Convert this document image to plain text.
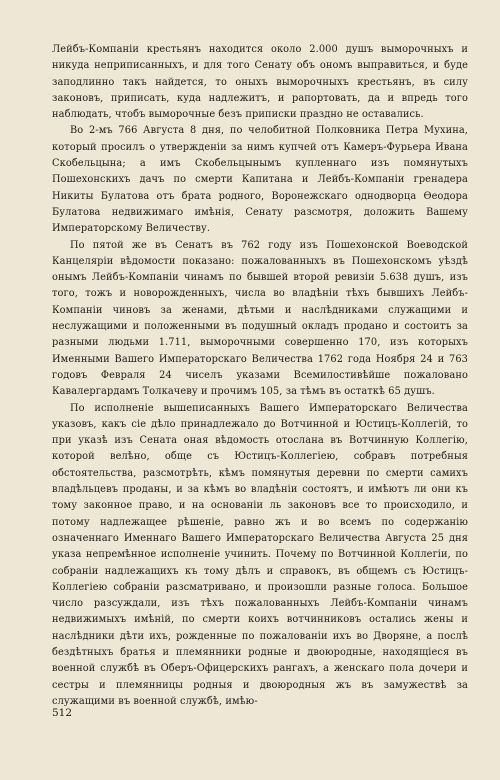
Лейбъ-Компаніи крестьянъ находится около 2.000 душъ выморочныхъ и никуда неприписанныхъ, и для того Сенату объ ономъ выправиться, и буде заподлинно такъ найдется, то оныхъ выморочныхъ крестьянъ, въ силу законовъ, приписать, куда надлежитъ, и рапортовать, да и впредь того наблюдать, чтобъ выморочные безъ приписки праздно не оставались.

Во 2-мъ 766 Августа 8 дня, по челобитной Полковника Петра Мухина, который просилъ о утвержденіи за нимъ купчей отъ Камеръ-Фурьера Ивана Скобельцына; а имъ Скобельцынымъ купленнаго изъ помянутыхъ Пошехонскихъ дачъ по смерти Капитана и Лейбъ-Компаніи гренадера Никиты Булатова отъ брата родного, Воронежскаго однодворца Ѳеодора Булатова недвижимаго имѣнія, Сенату разсмотря, доложить Вашему Императорскому Величеству.

По пятой же въ Сенатъ въ 762 году изъ Пошехонской Воеводской Канцеляріи вѣдомости показано: пожалованныхъ въ Пошехонскомъ уѣздѣ онымъ Лейбъ-Компаніи чинамъ по бывшей второй ревизіи 5.638 душъ, изъ того, тожъ и новорожденныхъ, числа во владѣніи тѣхъ бывшихъ Лейбъ-Компаніи чиновъ за женами, дѣтьми и наслѣдниками служащими и неслужащими и положенными въ подушный окладъ продано и состоитъ за разными людьми 1.711, выморочными совершенно 170, изъ которыхъ Именными Вашего Императорскаго Величества 1762 года Ноября 24 и 763 годовъ Февраля 24 чиселъ указами Всемилостивѣйше пожаловано Кавалергардамъ Толкачеву и прочимъ 105, за тѣмъ въ остаткѣ 65 душъ.

По исполненіе вышеписанныхъ Вашего Императорскаго Величества указовъ, какъ сіе дѣло принадлежало до Вотчинной и Юстицъ-Коллегій, то при указѣ изъ Сената оная вѣдомость отослана въ Вотчинную Коллегію, которой велѣно, общe съ Юстицъ-Коллегіею, собравъ потребныя обстоятельства, разсмотрѣть, кѣмъ помянутыя деревни по смерти самихъ владѣльцевъ проданы, и за кѣмъ во владѣніи состоятъ, и имѣютъ ли они къ тому законное право, и на основаніи ль законовъ все то происходило, и потому надлежащее рѣшеніе, равно жъ и во всемъ по содержанію означеннаго Именнаго Вашего Императорскаго Величества Августа 25 дня указа непремѣнное исполненіе учинить. Почему по Вотчинной Коллегіи, по собраніи надлежащихъ къ тому дѣлъ и справокъ, въ общемъ съ Юстицъ-Коллегіею собраніи разсматривано, и произошли разные голоса. Большое число разсуждали, изъ тѣхъ пожалованныхъ Лейбъ-Компаніи чинамъ недвижимыхъ имѣній, по смерти коихъ вотчинниковъ остались жены и наслѣдники дѣти ихъ, рожденные по пожалованіи ихъ во Дворяне, а послѣ бездѣтныхъ братья и племянники родные и двоюродные, находящіеся въ военной службѣ въ Оберъ-Офицерскихъ рангахъ, а женскаго пола дочери и сестры и племянницы родныя и двоюродныя жъ въ замужествѣ за служащими въ военной службѣ, имѣю-

512
